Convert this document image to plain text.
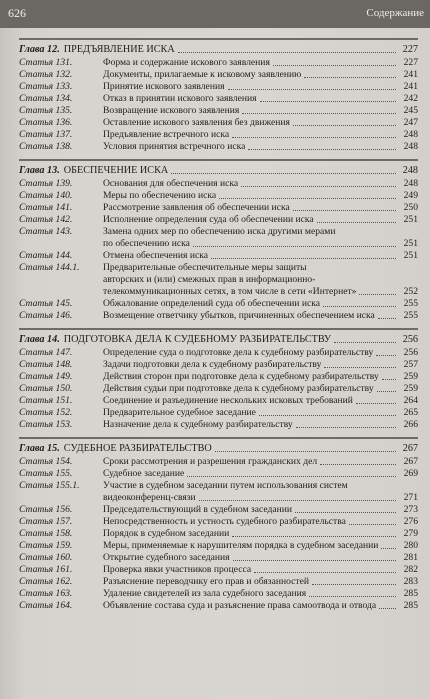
626	Содержание
Глава 12. ПРЕДЪЯВЛЕНИЕ ИСКА	227
Статья 131.	Форма и содержание искового заявления	227
Статья 132.	Документы, прилагаемые к исковому заявлению	241
Статья 133.	Принятие искового заявления	241
Статья 134.	Отказ в принятии искового заявления	242
Статья 135.	Возвращение искового заявления	245
Статья 136.	Оставление искового заявления без движения	247
Статья 137.	Предъявление встречного иска	248
Статья 138.	Условия принятия встречного иска	248
Глава 13. ОБЕСПЕЧЕНИЕ ИСКА	248
Статья 139.	Основания для обеспечения иска	248
Статья 140.	Меры по обеспечению иска	249
Статья 141.	Рассмотрение заявления об обеспечении иска	250
Статья 142.	Исполнение определения суда об обеспечении иска	251
Статья 143.	Замена одних мер по обеспечению иска другими мерами
по обеспечению иска	251
Статья 144.	Отмена обеспечения иска	251
Статья 144.1.	Предварительные обеспечительные меры защиты
авторских и (или) смежных прав в информационно-
телекоммуникационных сетях, в том числе в сети «Интернет»	252
Статья 145.	Обжалование определений суда об обеспечении иска	255
Статья 146.	Возмещение ответчику убытков, причиненных обеспечением иска	255
Глава 14. ПОДГОТОВКА ДЕЛА К СУДЕБНОМУ РАЗБИРАТЕЛЬСТВУ	256
Статья 147.	Определение суда о подготовке дела к судебному разбирательству	256
Статья 148.	Задачи подготовки дела к судебному разбирательству	257
Статья 149.	Действия сторон при подготовке дела к судебному разбирательству	259
Статья 150.	Действия судьи при подготовке дела к судебному разбирательству	259
Статья 151.	Соединение и разъединение нескольких исковых требований	264
Статья 152.	Предварительное судебное заседание	265
Статья 153.	Назначение дела к судебному разбирательству	266
Глава 15. СУДЕБНОЕ РАЗБИРАТЕЛЬСТВО	267
Статья 154.	Сроки рассмотрения и разрешения гражданских дел	267
Статья 155.	Судебное заседание	269
Статья 155.1.	Участие в судебном заседании путем использования систем
видеоконференц-связи	271
Статья 156.	Председательствующий в судебном заседании	273
Статья 157.	Непосредственность и устность судебного разбирательства	276
Статья 158.	Порядок в судебном заседании	279
Статья 159.	Меры, применяемые к нарушителям порядка в судебном заседании	280
Статья 160.	Открытие судебного заседания	281
Статья 161.	Проверка явки участников процесса	282
Статья 162.	Разъяснение переводчику его прав и обязанностей	283
Статья 163.	Удаление свидетелей из зала судебного заседания	285
Статья 164.	Объявление состава суда и разъяснение права самоотвода и отвода	285
